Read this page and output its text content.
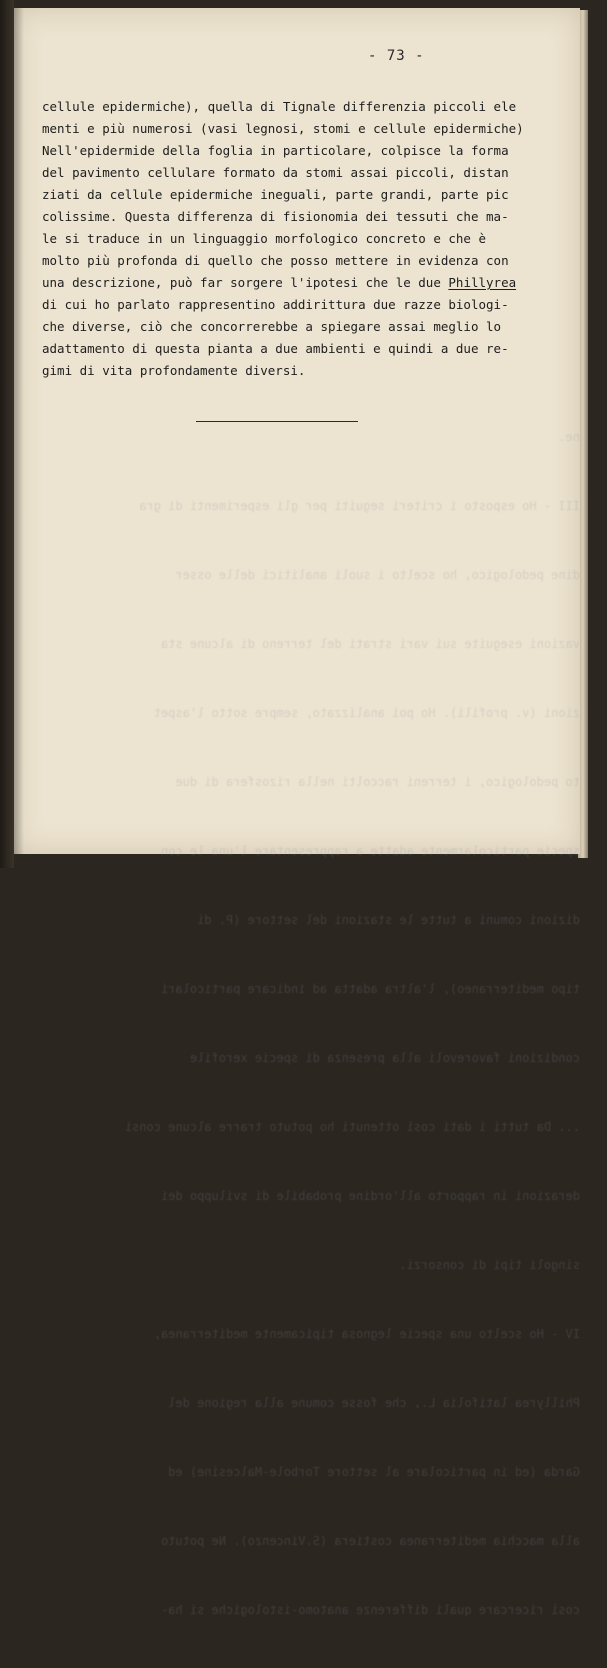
ne.

III - Ho esposto i criteri seguiti per gli esperimenti di gra

dine pedologico, ho scelto i suoli analitici delle osser

vazioni eseguite sui vari strati del terreno di alcune sta

zioni (v. profili). Ho poi analizzato, sempre sotto l'aspet

to pedologico, i terreni raccolti nella rizosfera di due

specie particolarmente adatte a rappresentare l'una le con

dizioni comuni a tutte le stazioni del settore (P. di

tipo mediterraneo), l'altra adatta ad indicare particolari

condizioni favorevoli alla presenza di specie xerofile

... Da tutti i dati così ottenuti ho potuto trarre alcune consi

derazioni in rapporto all'ordine probabile di sviluppo dei

singoli tipi di consorzi.

IV - Ho scelto una specie legnosa tipicamente mediterranea,

Phillyrea latifolia L., che fosse comune alla regione del

Garda (ed in particolare al settore Torbole-Malcesine) ed

alla macchia mediterranea costiera (S.Vincenzo). Ne potuto

così ricercare quali differenze anatomo-istologiche si ha-

- 73 -
cellule epidermiche), quella di Tignale differenzia piccoli ele
menti e più numerosi (vasi legnosi, stomi e cellule epidermiche)
Nell'epidermide della foglia in particolare, colpisce la forma
del pavimento cellulare formato da stomi assai piccoli, distan
ziati da cellule epidermiche ineguali, parte grandi, parte pic
colissime. Questa differenza di fisionomia dei tessuti che ma-
le si traduce in un linguaggio morfologico concreto e che è
molto più profonda di quello che posso mettere in evidenza con
una descrizione, può far sorgere l'ipotesi che le due Phillyrea
di cui ho parlato rappresentino addirittura due razze biologi-
che diverse, ciò che concorrerebbe a spiegare assai meglio lo
adattamento di questa pianta a due ambienti e quindi a due re-
gimi di vita profondamente diversi.
